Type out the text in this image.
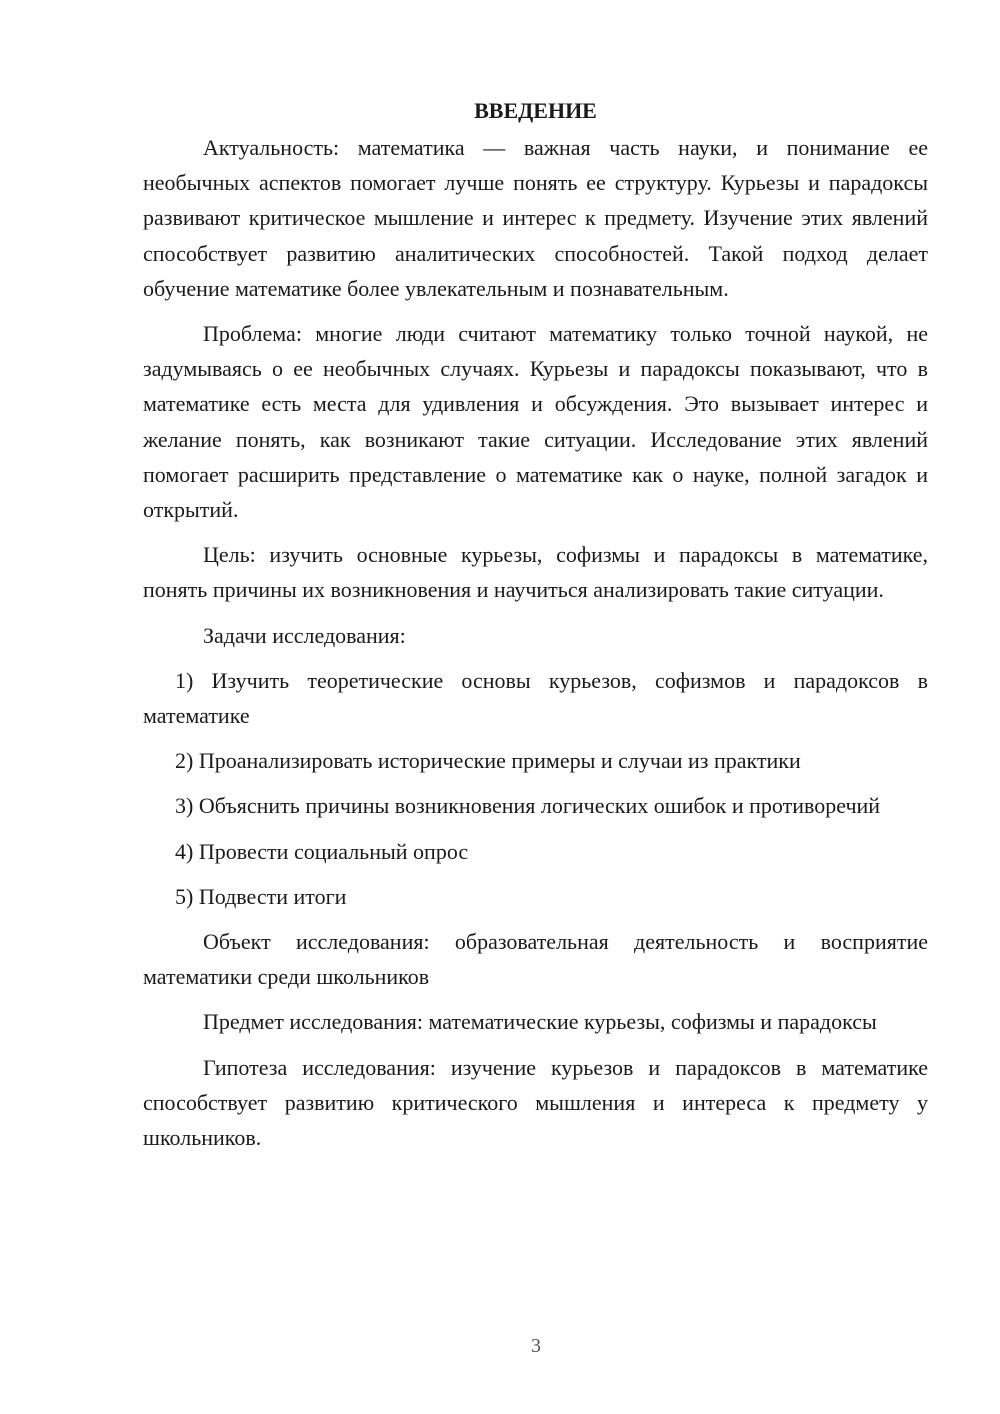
ВВЕДЕНИЕ

Актуальность: математика — важная часть науки, и понимание ее необычных аспектов помогает лучше понять ее структуру. Курьезы и парадоксы развивают критическое мышление и интерес к предмету. Изучение этих явлений способствует развитию аналитических способностей. Такой подход делает обучение математике более увлекательным и познавательным.

Проблема: многие люди считают математику только точной наукой, не задумываясь о ее необычных случаях. Курьезы и парадоксы показывают, что в математике есть места для удивления и обсуждения. Это вызывает интерес и желание понять, как возникают такие ситуации. Исследование этих явлений помогает расширить представление о математике как о науке, полной загадок и открытий.

Цель: изучить основные курьезы, софизмы и парадоксы в математике, понять причины их возникновения и научиться анализировать такие ситуации.

Задачи исследования:

1) Изучить теоретические основы курьезов, софизмов и парадоксов в математике

2) Проанализировать исторические примеры и случаи из практики

3) Объяснить причины возникновения логических ошибок и противоречий

4) Провести социальный опрос

5) Подвести итоги

Объект исследования: образовательная деятельность и восприятие математики среди школьников

Предмет исследования: математические курьезы, софизмы и парадоксы

Гипотеза исследования: изучение курьезов и парадоксов в математике способствует развитию критического мышления и интереса к предмету у школьников.

3
